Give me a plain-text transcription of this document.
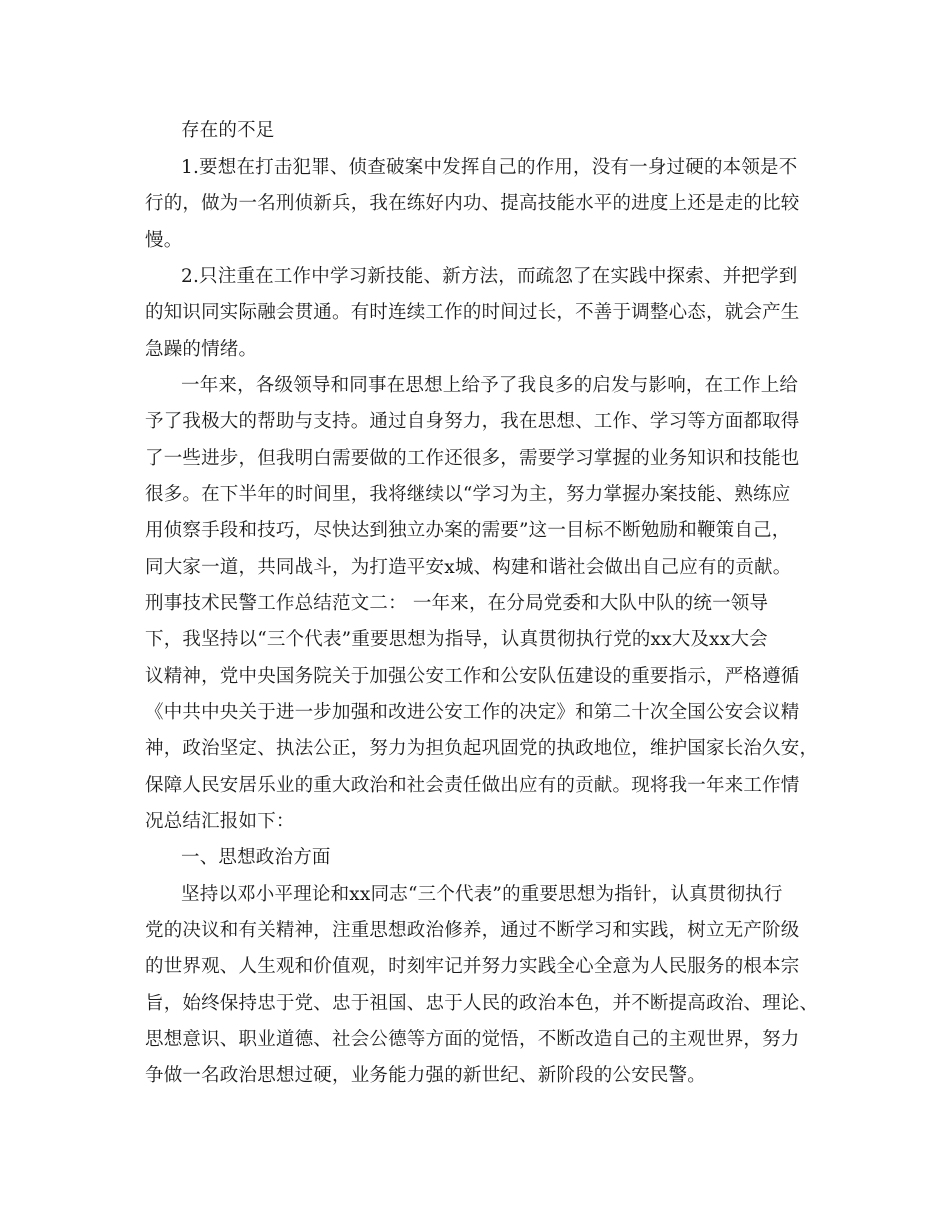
存在的不足
1.要想在打击犯罪、侦查破案中发挥自己的作用，没有一身过硬的本领是不
行的，做为一名刑侦新兵，我在练好内功、提高技能水平的进度上还是走的比较
慢。
2.只注重在工作中学习新技能、新方法，而疏忽了在实践中探索、并把学到
的知识同实际融会贯通。有时连续工作的时间过长，不善于调整心态，就会产生
急躁的情绪。
一年来，各级领导和同事在思想上给予了我良多的启发与影响，在工作上给
予了我极大的帮助与支持。通过自身努力，我在思想、工作、学习等方面都取得
了一些进步，但我明白需要做的工作还很多，需要学习掌握的业务知识和技能也
很多。在下半年的时间里，我将继续以“学习为主，努力掌握办案技能、熟练应
用侦察手段和技巧，尽快达到独立办案的需要”这一目标不断勉励和鞭策自己，
同大家一道，共同战斗，为打造平安x城、构建和谐社会做出自己应有的贡献。
刑事技术民警工作总结范文二： 一年来，在分局党委和大队中队的统一领导
下，我坚持以“三个代表”重要思想为指导，认真贯彻执行党的xx大及xx大会
议精神，党中央国务院关于加强公安工作和公安队伍建设的重要指示，严格遵循
《中共中央关于进一步加强和改进公安工作的决定》和第二十次全国公安会议精
神，政治坚定、执法公正，努力为担负起巩固党的执政地位，维护国家长治久安，
保障人民安居乐业的重大政治和社会责任做出应有的贡献。现将我一年来工作情
况总结汇报如下：
一、思想政治方面
坚持以邓小平理论和xx同志“三个代表”的重要思想为指针，认真贯彻执行
党的决议和有关精神，注重思想政治修养，通过不断学习和实践，树立无产阶级
的世界观、人生观和价值观，时刻牢记并努力实践全心全意为人民服务的根本宗
旨，始终保持忠于党、忠于祖国、忠于人民的政治本色，并不断提高政治、理论、
思想意识、职业道德、社会公德等方面的觉悟，不断改造自己的主观世界，努力
争做一名政治思想过硬，业务能力强的新世纪、新阶段的公安民警。
